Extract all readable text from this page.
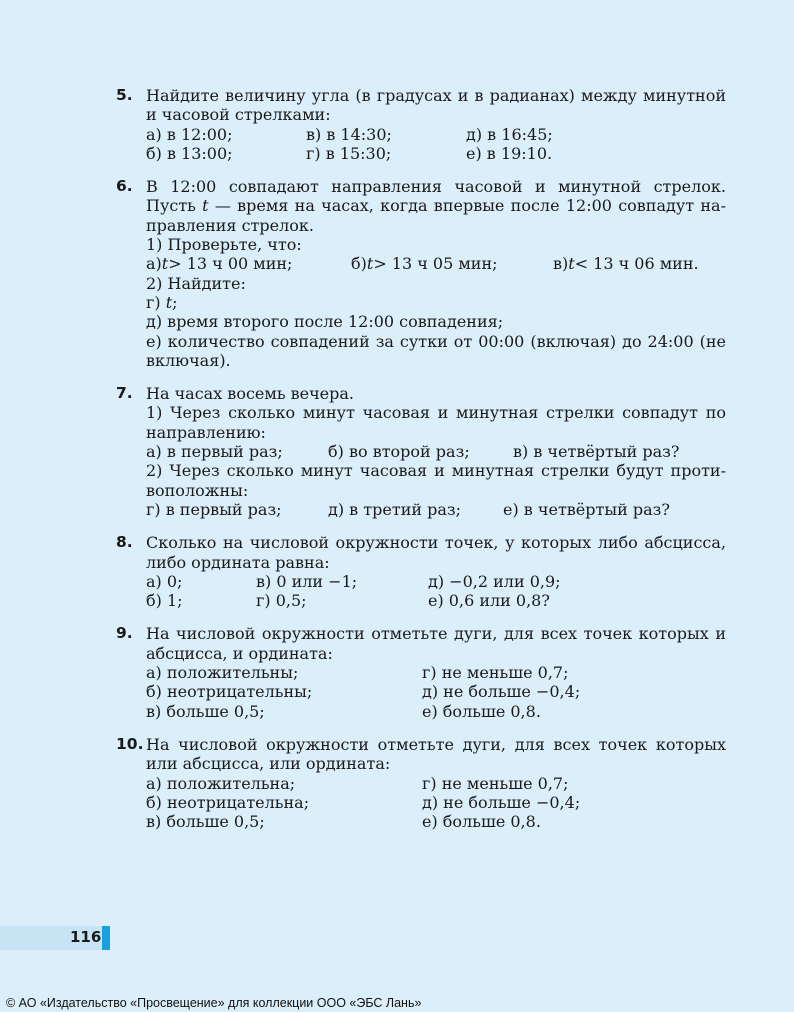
5. Найдите величину угла (в градусах и в радианах) между минутной
и часовой стрелками:
а) в 12:00;	в) в 14:30;	д) в 16:45;
б) в 13:00;	г) в 15:30;	е) в 19:10.
6. В 12:00 совпадают направления часовой и минутной стрелок.
Пусть t — время на часах, когда впервые после 12:00 совпадут на-
правления стрелок.
1) Проверьте, что:
а)t> 13 ч 00 мин;	б)t> 13 ч 05 мин;	в)t< 13 ч 06 мин.
2) Найдите:
г) t;
д) время второго после 12:00 совпадения;
е) количество совпадений за сутки от 00:00 (включая) до 24:00 (не
включая).
7. На часах восемь вечера.
1) Через сколько минут часовая и минутная стрелки совпадут по
направлению:
а) в первый раз;	б) во второй раз;	в) в четвёртый раз?
2) Через сколько минут часовая и минутная стрелки будут проти-
воположны:
г) в первый раз;	д) в третий раз;	е) в четвёртый раз?
8. Сколько на числовой окружности точек, у которых либо абсцисса,
либо ордината равна:
а) 0;	в) 0 или −1;	д) −0,2 или 0,9;
б) 1;	г) 0,5;	е) 0,6 или 0,8?
9. На числовой окружности отметьте дуги, для всех точек которых и
абсцисса, и ордината:
а) положительны;	г) не меньше 0,7;
б) неотрицательны;	д) не больше −0,4;
в) больше 0,5;	е) больше 0,8.
10. На числовой окружности отметьте дуги, для всех точек которых
или абсцисса, или ордината:
а) положительна;	г) не меньше 0,7;
б) неотрицательна;	д) не больше −0,4;
в) больше 0,5;	е) больше 0,8.
116
© АО «Издательство «Просвещение» для коллекции ООО «ЭБС Лань»
